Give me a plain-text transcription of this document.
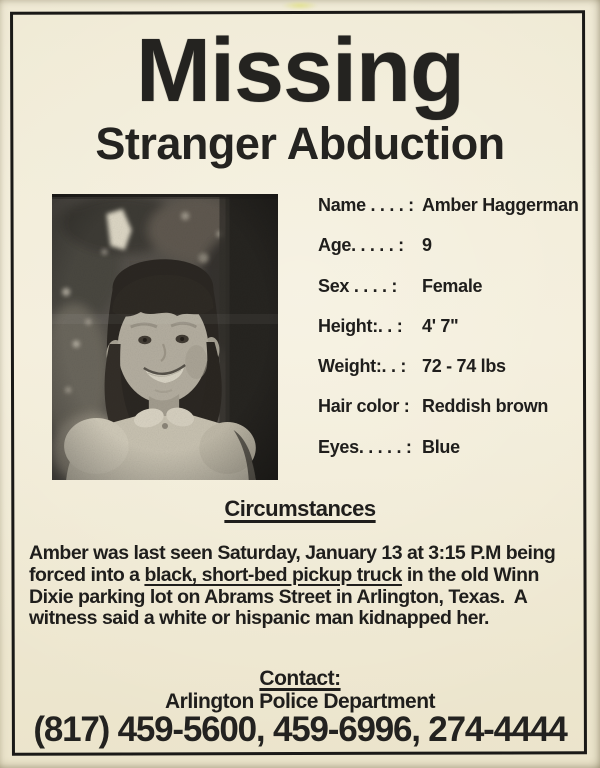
Missing
Stranger Abduction
Name . . . . : Amber Haggerman
Age. . . . . : 9
Sex . . . . : Female
Height:. . : 4' 7"
Weight:. . : 72 - 74 lbs
Hair color : Reddish brown
Eyes. . . . . : Blue
Circumstances
Amber was last seen Saturday, January 13 at 3:15 P.M being
forced into a black, short-bed pickup truck in the old Winn
Dixie parking lot on Abrams Street in Arlington, Texas.  A
witness said a white or hispanic man kidnapped her.
Contact:
Arlington Police Department
(817) 459-5600, 459-6996, 274-4444
